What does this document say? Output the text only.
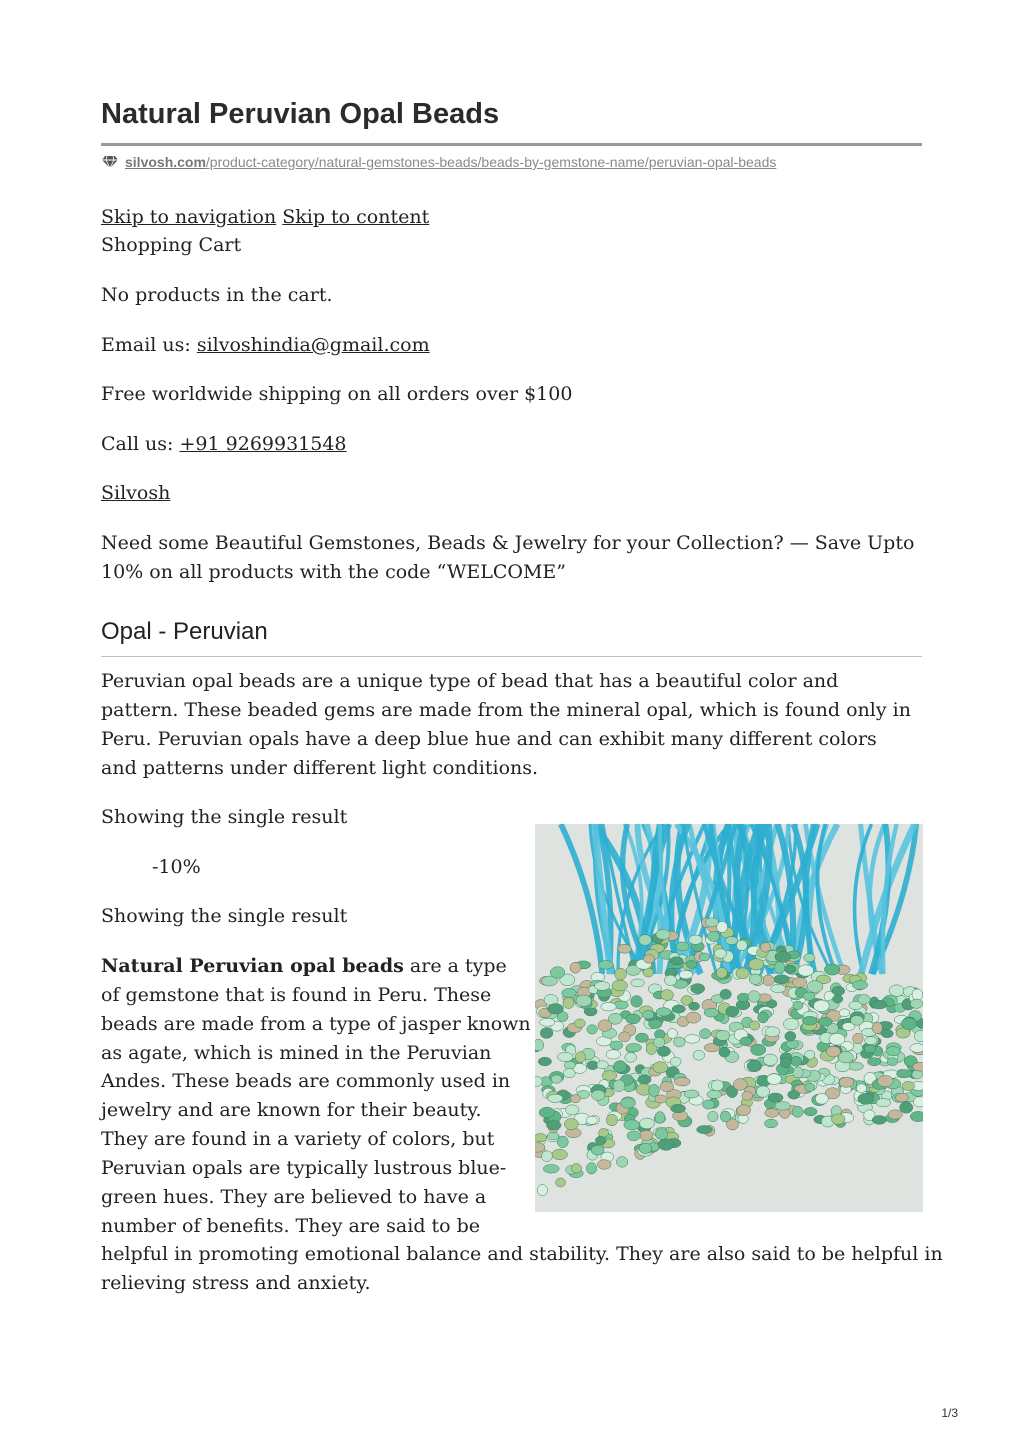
Natural Peruvian Opal Beads
silvosh.com /product-category/natural-gemstones-beads/beads-by-gemstone-name/peruvian-opal-beads

Skip to navigation Skip to content

Shopping Cart

No products in the cart.

Email us: silvoshindia@gmail.com

Free worldwide shipping on all orders over $100

Call us: +91 9269931548

Silvosh

Need some Beautiful Gemstones, Beads & Jewelry for your Collection? — Save Upto 10% on all products with the code “WELCOME”

Opal - Peruvian

Peruvian opal beads are a unique type of bead that has a beautiful color and pattern. These beaded gems are made from the mineral opal, which is found only in Peru. Peruvian opals have a deep blue hue and can exhibit many different colors and patterns under different light conditions.

Showing the single result

-10%

Showing the single result

Natural Peruvian opal beads are a type

of gemstone that is found in Peru. These

beads are made from a type of jasper known

as agate, which is mined in the Peruvian

Andes. These beads are commonly used in

jewelry and are known for their beauty.

They are found in a variety of colors, but

Peruvian opals are typically lustrous blue-

green hues. They are believed to have a

number of benefits. They are said to be

helpful in promoting emotional balance and stability. They are also said to be helpful in

relieving stress and anxiety.

1/3
